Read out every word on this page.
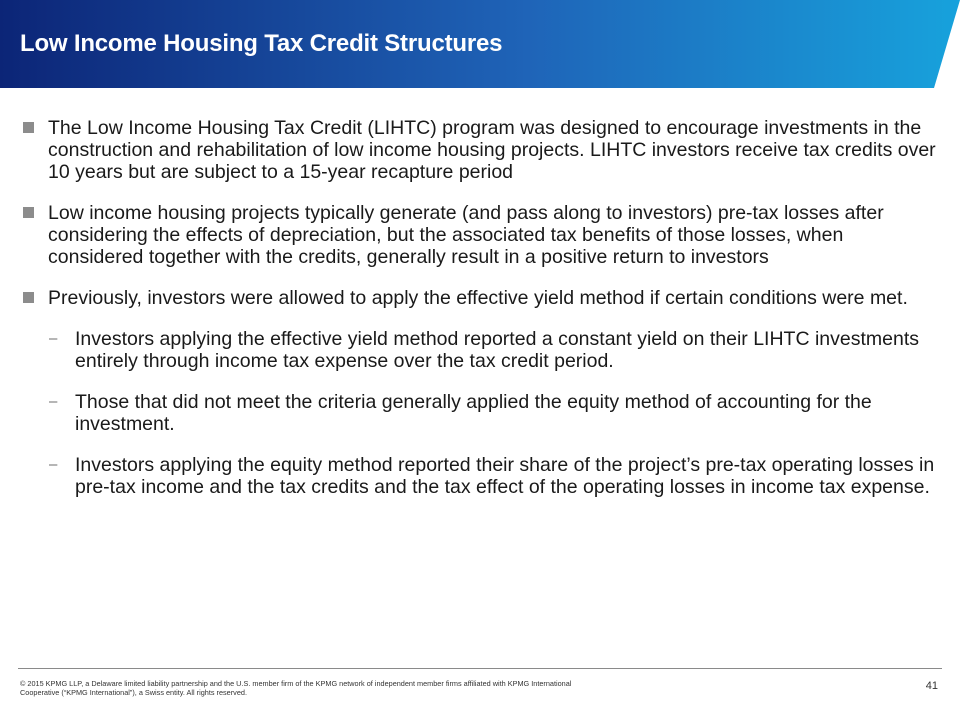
Low Income Housing Tax Credit Structures
The Low Income Housing Tax Credit (LIHTC) program was designed to encourage investments in the construction and rehabilitation of low income housing projects. LIHTC investors receive tax credits over 10 years but are subject to a 15-year recapture period
Low income housing projects typically generate (and pass along to investors) pre-tax losses after considering the effects of depreciation, but the associated tax benefits of those losses, when considered together with the credits, generally result in a positive return to investors
Previously, investors were allowed to apply the effective yield method if certain conditions were met.
– Investors applying the effective yield method reported a constant yield on their LIHTC investments entirely through income tax expense over the tax credit period.
– Those that did not meet the criteria generally applied the equity method of accounting for the investment.
– Investors applying the equity method reported their share of the project’s pre-tax operating losses in pre-tax income and the tax credits and the tax effect of the operating losses in income tax expense.
© 2015 KPMG LLP, a Delaware limited liability partnership and the U.S. member firm of the KPMG network of independent member firms affiliated with KPMG International Cooperative (“KPMG International”), a Swiss entity. All rights reserved.
41
